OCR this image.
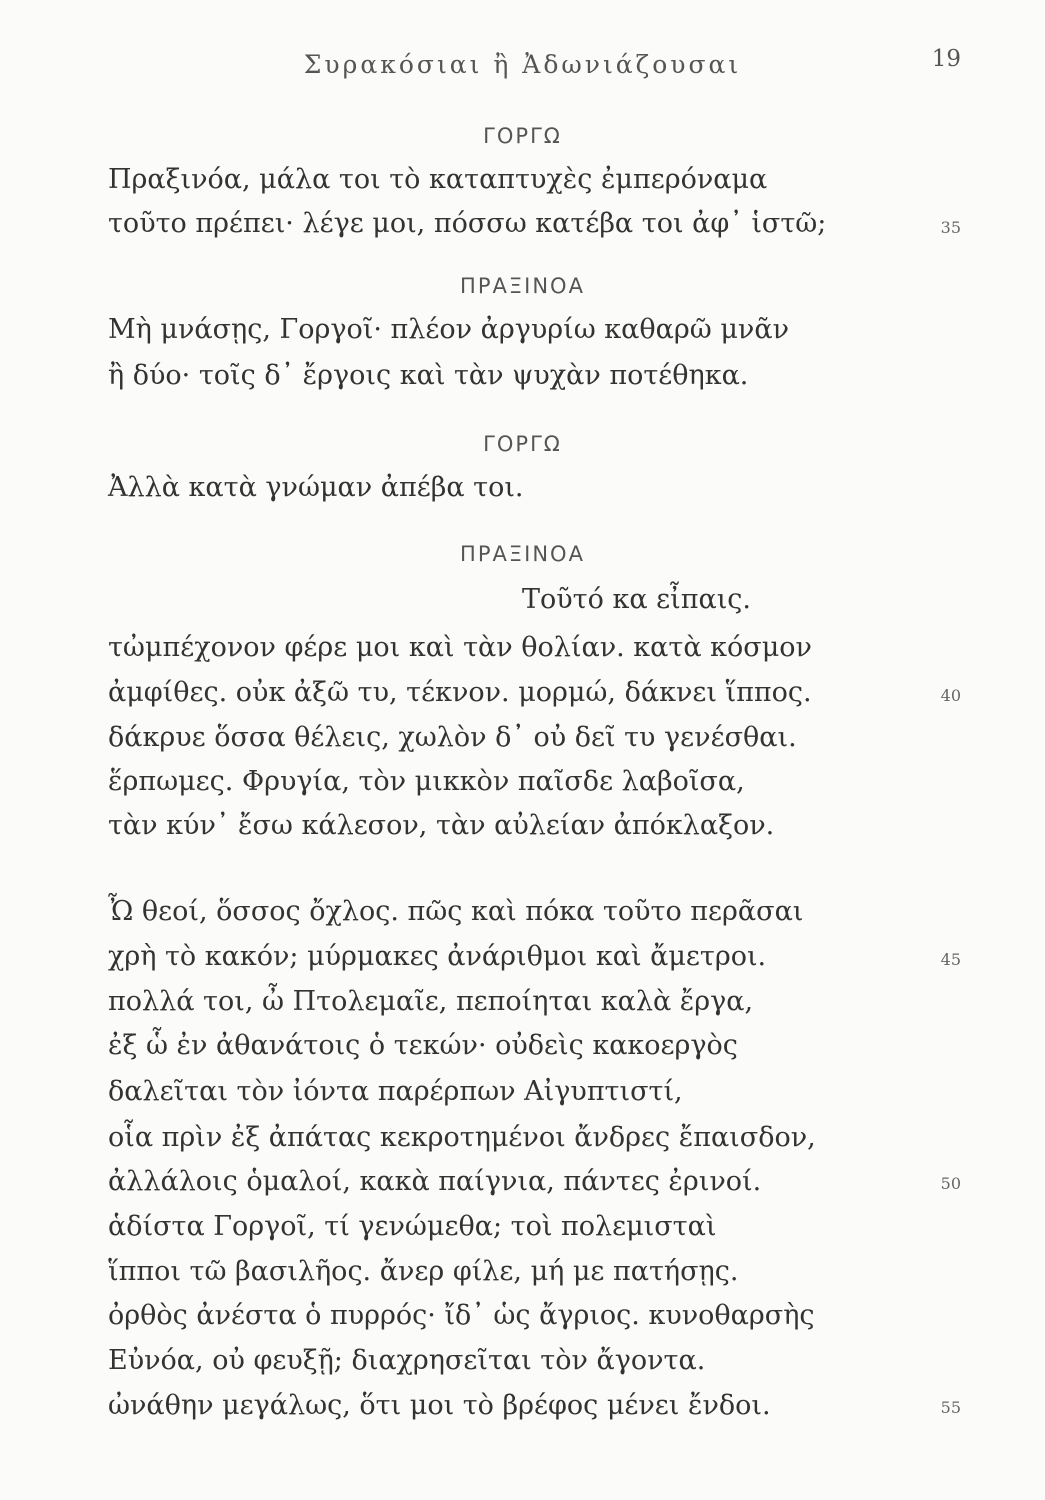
Συρακόσιαι ἢ Ἀδωνιάζουσαι	19
ΓΟΡΓΩ
Πραξινόα, μάλα τοι τὸ καταπτυχὲς ἐμπερόναμα
τοῦτο πρέπει· λέγε μοι, πόσσω κατέβα τοι ἀφ᾽ ἱστῶ;	35
ΠΡΑΞΙΝΟΑ
Μὴ μνάσῃς, Γοργοῖ· πλέον ἀργυρίω καθαρῶ μνᾶν
ἢ δύο· τοῖς δ᾽ ἔργοις καὶ τὰν ψυχὰν ποτέθηκα.
ΓΟΡΓΩ
Ἀλλὰ κατὰ γνώμαν ἀπέβα τοι.
ΠΡΑΞΙΝΟΑ
Τοῦτό κα εἶπαις.
τὠμπέχονον φέρε μοι καὶ τὰν θολίαν. κατὰ κόσμον
ἀμφίθες. οὐκ ἀξῶ τυ, τέκνον. μορμώ, δάκνει ἵππος.	40
δάκρυε ὅσσα θέλεις, χωλὸν δ᾽ οὐ δεῖ τυ γενέσθαι.
ἕρπωμες. Φρυγία, τὸν μικκὸν παῖσδε λαβοῖσα,
τὰν κύν᾽ ἔσω κάλεσον, τὰν αὐλείαν ἀπόκλαξον.
Ὦ θεοί, ὅσσος ὄχλος. πῶς καὶ πόκα τοῦτο περᾶσαι
χρὴ τὸ κακόν; μύρμακες ἀνάριθμοι καὶ ἄμετροι.	45
πολλά τοι, ὦ Πτολεμαῖε, πεποίηται καλὰ ἔργα,
ἐξ ὧ ἐν ἀθανάτοις ὁ τεκών· οὐδεὶς κακοεργὸς
δαλεῖται τὸν ἰόντα παρέρπων Αἰγυπτιστί,
οἷα πρὶν ἐξ ἀπάτας κεκροτημένοι ἄνδρες ἔπαισδον,
ἀλλάλοις ὁμαλοί, κακὰ παίγνια, πάντες ἐρινοί.	50
ἁδίστα Γοργοῖ, τί γενώμεθα; τοὶ πολεμισταὶ
ἵπποι τῶ βασιλῆος. ἄνερ φίλε, μή με πατήσῃς.
ὀρθὸς ἀνέστα ὁ πυρρός· ἴδ᾽ ὡς ἄγριος. κυνοθαρσὴς
Εὐνόα, οὐ φευξῇ; διαχρησεῖται τὸν ἄγοντα.
ὠνάθην μεγάλως, ὅτι μοι τὸ βρέφος μένει ἔνδοι.	55
